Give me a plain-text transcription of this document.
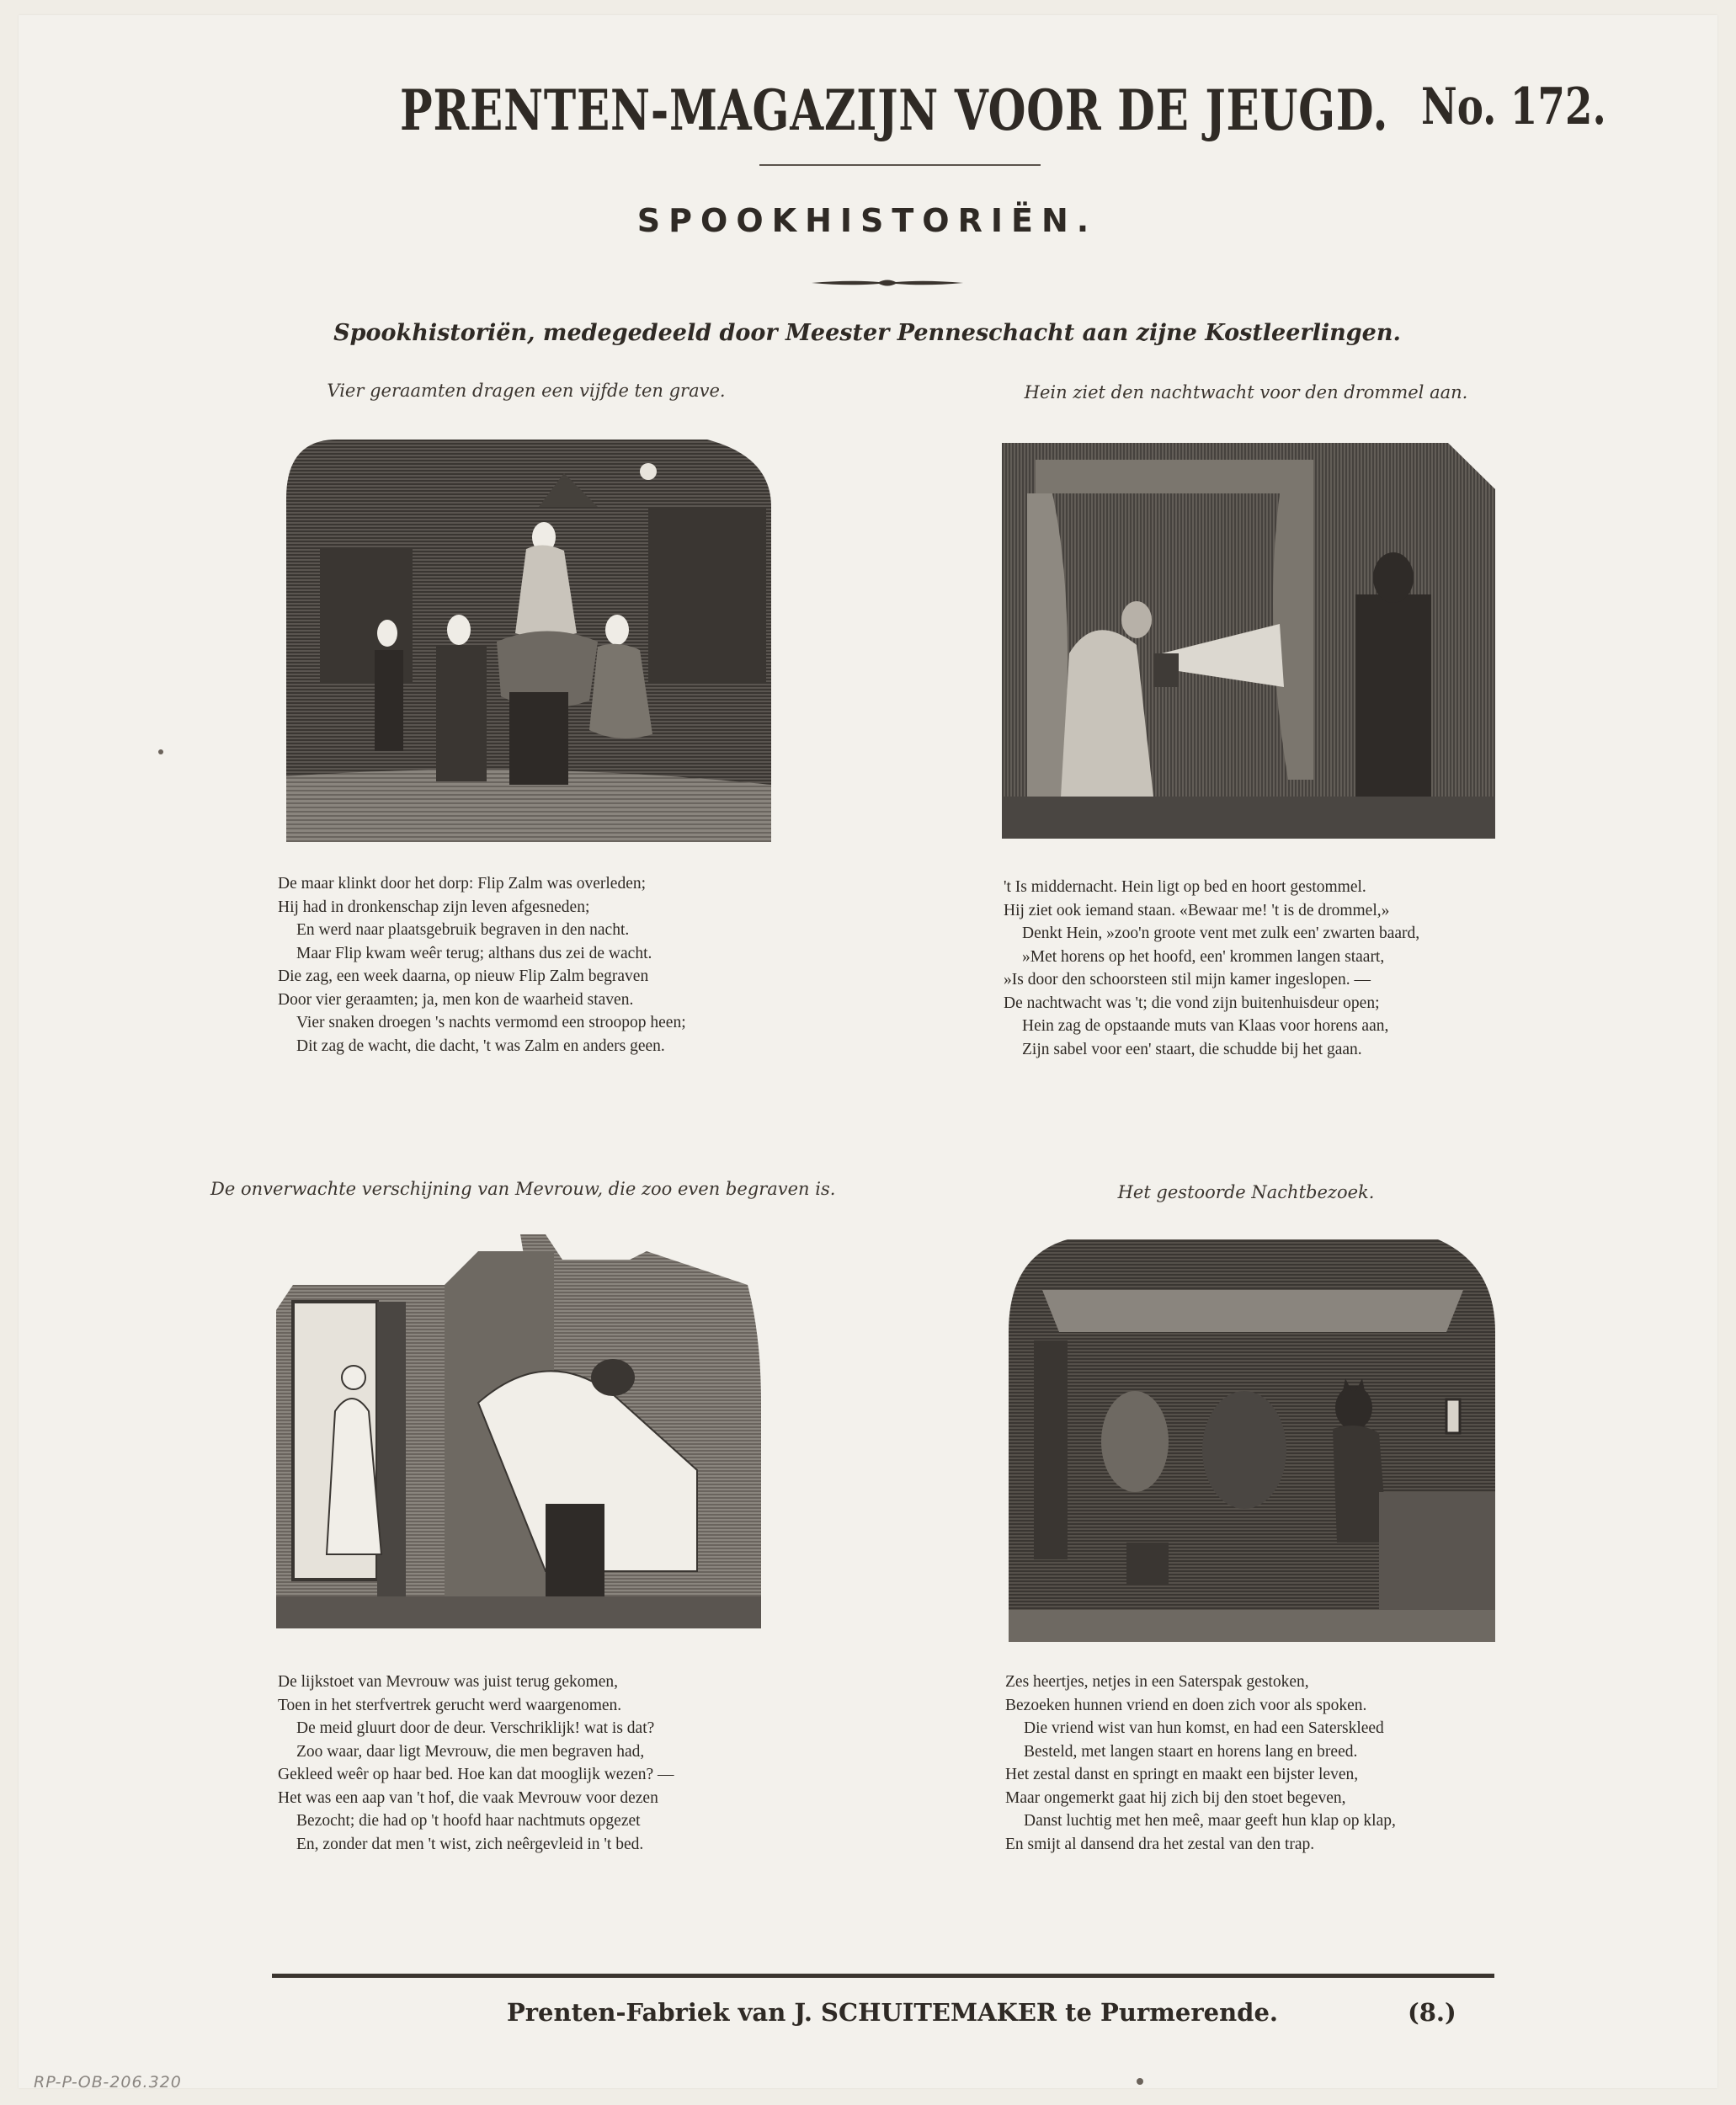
PRENTEN-MAGAZIJN VOOR DE JEUGD. No. 172.
SPOOKHISTORIËN.
Spookhistoriën, medegedeeld door Meester Penneschacht aan zijne Kostleerlingen.
Vier geraamten dragen een vijfde ten grave.
De maar klinkt door het dorp: Flip Zalm was overleden;
Hij had in dronkenschap zijn leven afgesneden;
En werd naar plaatsgebruik begraven in den nacht.
Maar Flip kwam weêr terug; althans dus zei de wacht.
Die zag, een week daarna, op nieuw Flip Zalm begraven
Door vier geraamten; ja, men kon de waarheid staven.
Vier snaken droegen 's nachts vermomd een stroopop heen;
Dit zag de wacht, die dacht, 't was Zalm en anders geen.
Hein ziet den nachtwacht voor den drommel aan.
't Is middernacht. Hein ligt op bed en hoort gestommel.
Hij ziet ook iemand staan. «Bewaar me! 't is de drommel,»
Denkt Hein, »zoo'n groote vent met zulk een' zwarten baard,
»Met horens op het hoofd, een' krommen langen staart,
»Is door den schoorsteen stil mijn kamer ingeslopen. —
De nachtwacht was 't; die vond zijn buitenhuisdeur open;
Hein zag de opstaande muts van Klaas voor horens aan,
Zijn sabel voor een' staart, die schudde bij het gaan.
De onverwachte verschijning van Mevrouw, die zoo even begraven is.
De lijkstoet van Mevrouw was juist terug gekomen,
Toen in het sterfvertrek gerucht werd waargenomen.
De meid gluurt door de deur. Verschriklijk! wat is dat?
Zoo waar, daar ligt Mevrouw, die men begraven had,
Gekleed weêr op haar bed. Hoe kan dat mooglijk wezen? —
Het was een aap van 't hof, die vaak Mevrouw voor dezen
Bezocht; die had op 't hoofd haar nachtmuts opgezet
En, zonder dat men 't wist, zich neêrgevleid in 't bed.
Het gestoorde Nachtbezoek.
Zes heertjes, netjes in een Saterspak gestoken,
Bezoeken hunnen vriend en doen zich voor als spoken.
Die vriend wist van hun komst, en had een Saterskleed
Besteld, met langen staart en horens lang en breed.
Het zestal danst en springt en maakt een bijster leven,
Maar ongemerkt gaat hij zich bij den stoet begeven,
Danst luchtig met hen meê, maar geeft hun klap op klap,
En smijt al dansend dra het zestal van den trap.
Prenten-Fabriek van J. SCHUITEMAKER te Purmerende.	(8.)
RP-P-OB-206.320
